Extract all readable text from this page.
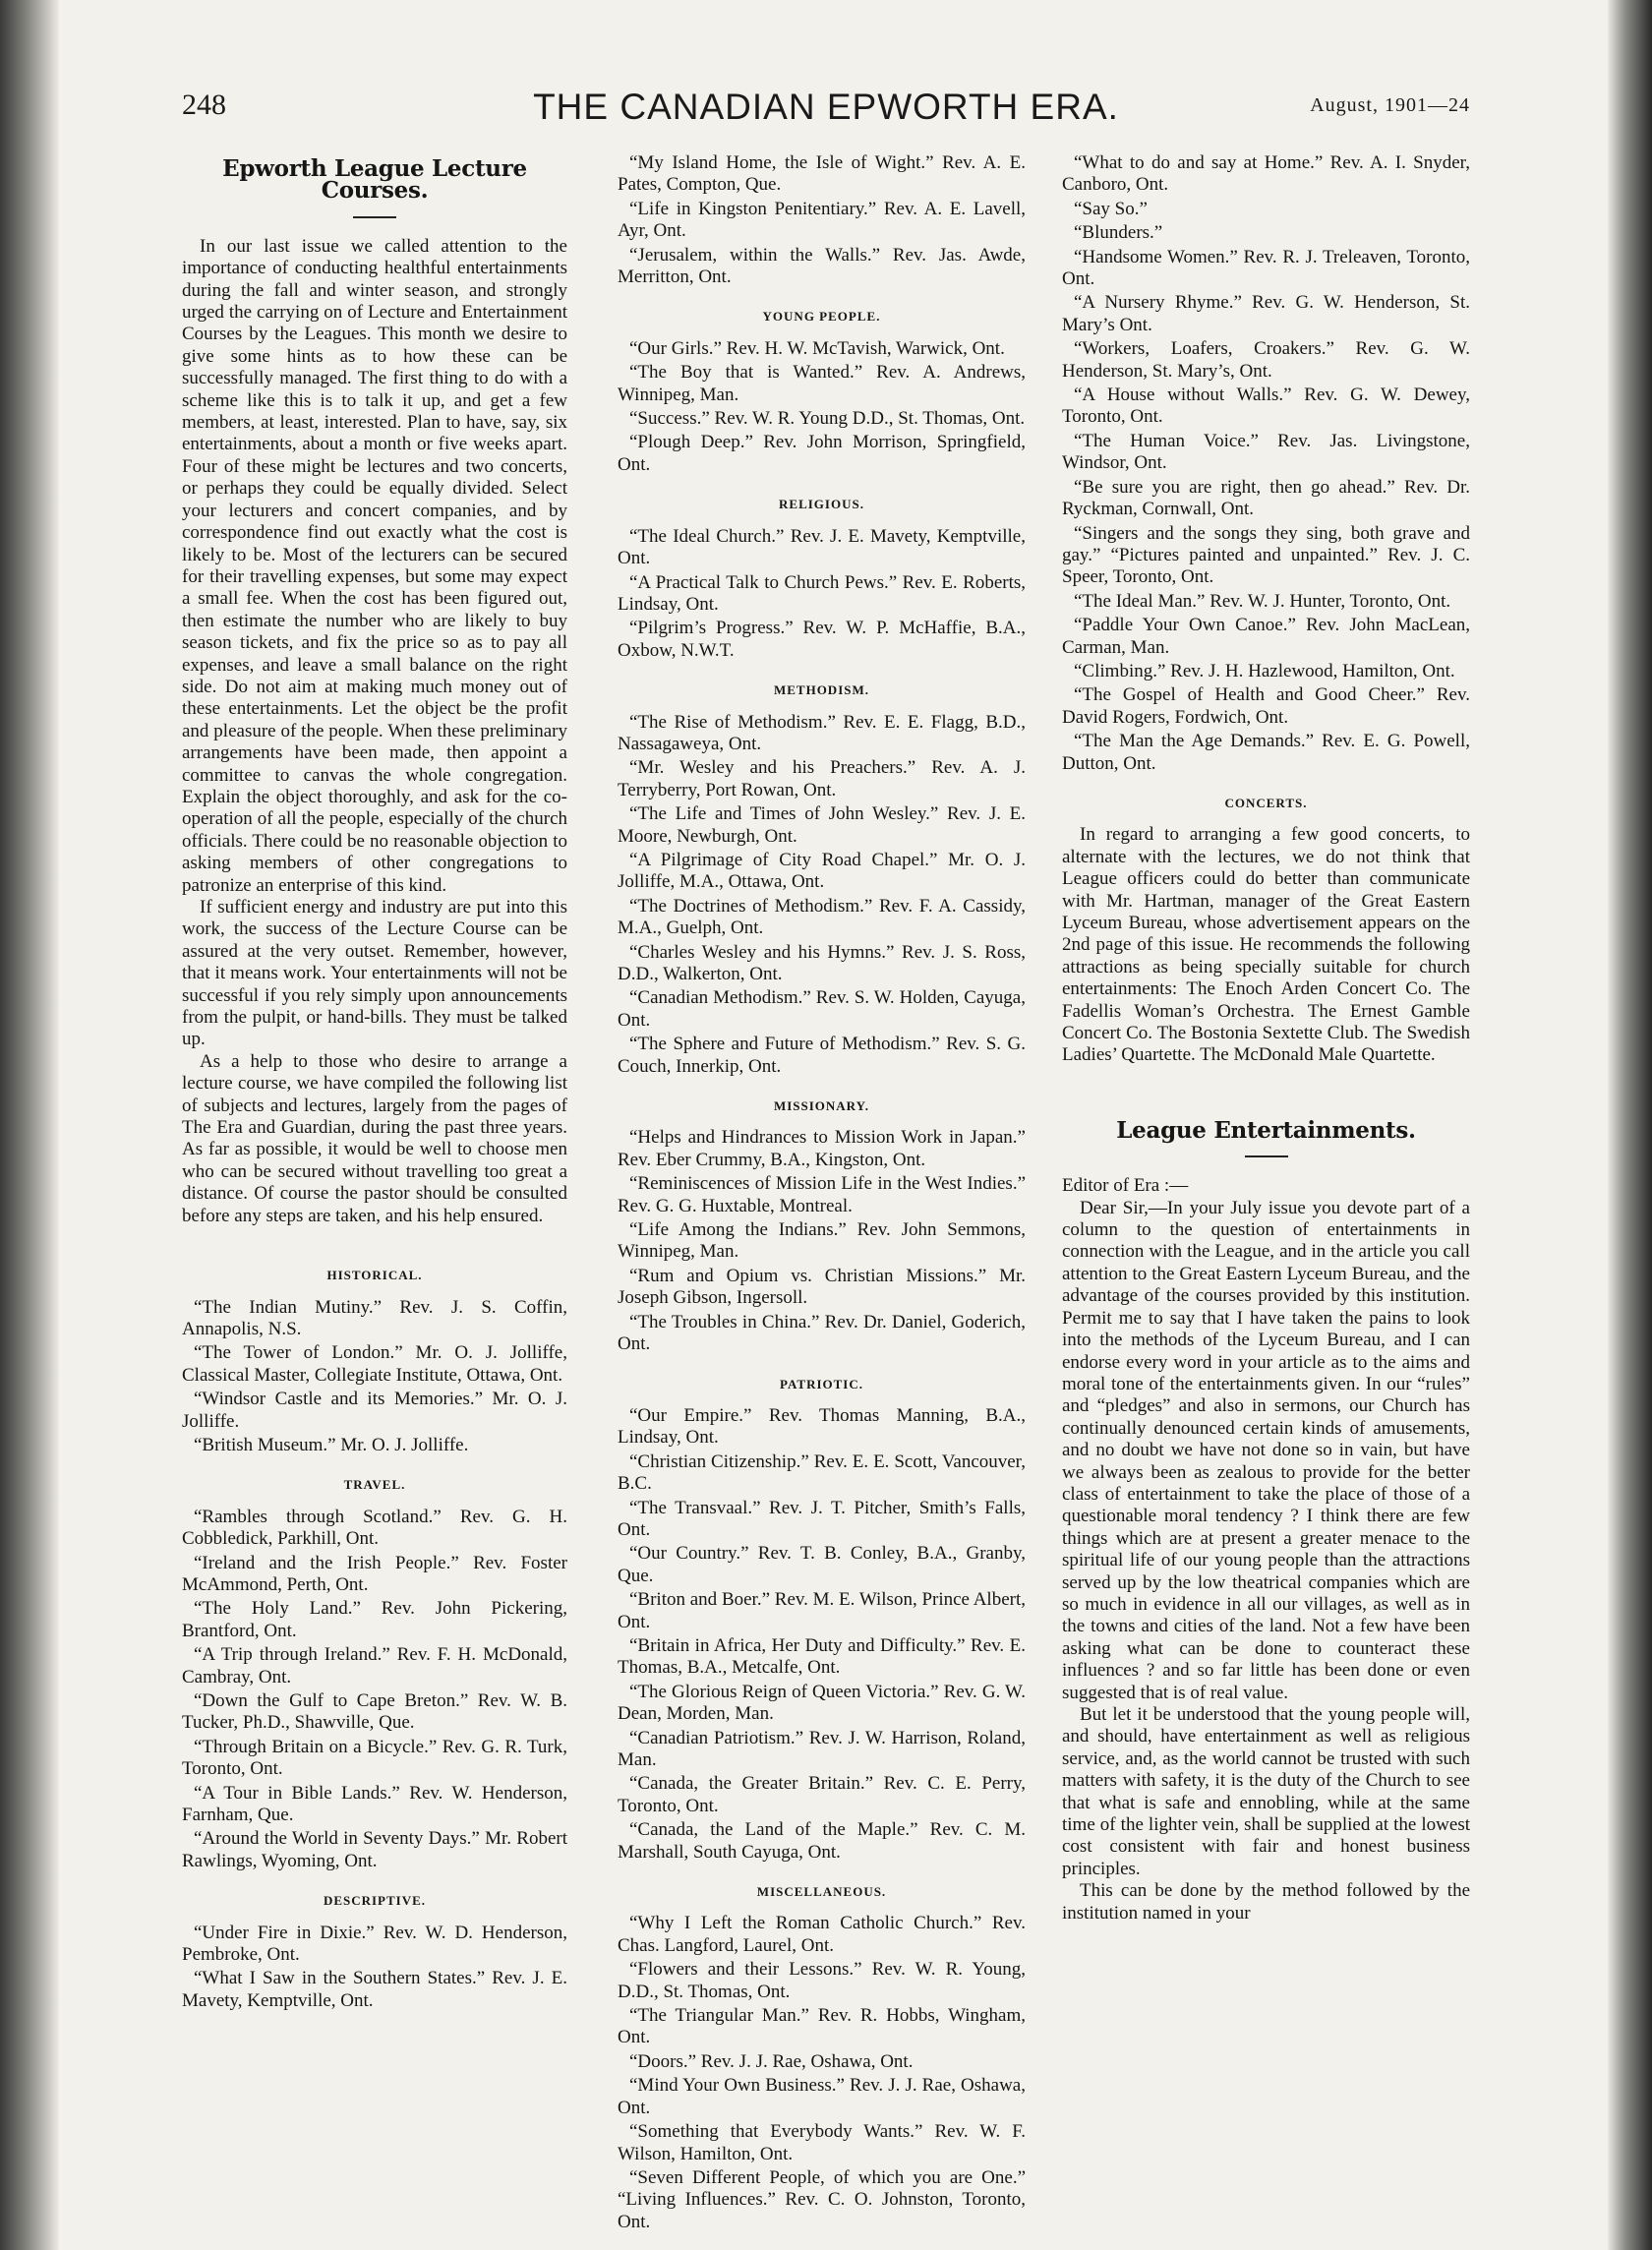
248	THE CANADIAN EPWORTH ERA.	August, 1901—24
Epworth League Lecture Courses.

In our last issue we called attention to the importance of conducting healthful entertainments during the fall and winter season, and strongly urged the carrying on of Lecture and Entertainment Courses by the Leagues. This month we desire to give some hints as to how these can be successfully managed. The first thing to do with a scheme like this is to talk it up, and get a few members, at least, interested. Plan to have, say, six entertainments, about a month or five weeks apart. Four of these might be lectures and two concerts, or perhaps they could be equally divided. Select your lecturers and concert companies, and by correspondence find out exactly what the cost is likely to be. Most of the lecturers can be secured for their travelling expenses, but some may expect a small fee. When the cost has been figured out, then estimate the number who are likely to buy season tickets, and fix the price so as to pay all expenses, and leave a small balance on the right side. Do not aim at making much money out of these entertainments. Let the object be the profit and pleasure of the people. When these preliminary arrangements have been made, then appoint a committee to canvas the whole congregation. Explain the object thoroughly, and ask for the co-operation of all the people, especially of the church officials. There could be no reasonable objection to asking members of other congregations to patronize an enterprise of this kind.

If sufficient energy and industry are put into this work, the success of the Lecture Course can be assured at the very outset. Remember, however, that it means work. Your entertainments will not be successful if you rely simply upon announcements from the pulpit, or hand-bills. They must be talked up.

As a help to those who desire to arrange a lecture course, we have compiled the following list of subjects and lectures, largely from the pages of The Era and Guardian, during the past three years. As far as possible, it would be well to choose men who can be secured without travelling too great a distance. Of course the pastor should be consulted before any steps are taken, and his help ensured.

HISTORICAL.

“The Indian Mutiny.” Rev. J. S. Coffin, Annapolis, N.S.

“The Tower of London.” Mr. O. J. Jolliffe, Classical Master, Collegiate Institute, Ottawa, Ont.

“Windsor Castle and its Memories.” Mr. O. J. Jolliffe.

“British Museum.” Mr. O. J. Jolliffe.

TRAVEL.

“Rambles through Scotland.” Rev. G. H. Cobbledick, Parkhill, Ont.

“Ireland and the Irish People.” Rev. Foster McAmmond, Perth, Ont.

“The Holy Land.” Rev. John Pickering, Brantford, Ont.

“A Trip through Ireland.” Rev. F. H. McDonald, Cambray, Ont.

“Down the Gulf to Cape Breton.” Rev. W. B. Tucker, Ph.D., Shawville, Que.

“Through Britain on a Bicycle.” Rev. G. R. Turk, Toronto, Ont.

“A Tour in Bible Lands.” Rev. W. Henderson, Farnham, Que.

“Around the World in Seventy Days.” Mr. Robert Rawlings, Wyoming, Ont.

DESCRIPTIVE.

“Under Fire in Dixie.” Rev. W. D. Henderson, Pembroke, Ont.

“What I Saw in the Southern States.” Rev. J. E. Mavety, Kemptville, Ont.

“My Island Home, the Isle of Wight.” Rev. A. E. Pates, Compton, Que.

“Life in Kingston Penitentiary.” Rev. A. E. Lavell, Ayr, Ont.

“Jerusalem, within the Walls.” Rev. Jas. Awde, Merritton, Ont.

YOUNG PEOPLE.

“Our Girls.” Rev. H. W. McTavish, Warwick, Ont.

“The Boy that is Wanted.” Rev. A. Andrews, Winnipeg, Man.

“Success.” Rev. W. R. Young D.D., St. Thomas, Ont.

“Plough Deep.” Rev. John Morrison, Springfield, Ont.

RELIGIOUS.

“The Ideal Church.” Rev. J. E. Mavety, Kemptville, Ont.

“A Practical Talk to Church Pews.” Rev. E. Roberts, Lindsay, Ont.

“Pilgrim’s Progress.” Rev. W. P. McHaffie, B.A., Oxbow, N.W.T.

METHODISM.

“The Rise of Methodism.” Rev. E. E. Flagg, B.D., Nassagaweya, Ont.

“Mr. Wesley and his Preachers.” Rev. A. J. Terryberry, Port Rowan, Ont.

“The Life and Times of John Wesley.” Rev. J. E. Moore, Newburgh, Ont.

“A Pilgrimage of City Road Chapel.” Mr. O. J. Jolliffe, M.A., Ottawa, Ont.

“The Doctrines of Methodism.” Rev. F. A. Cassidy, M.A., Guelph, Ont.

“Charles Wesley and his Hymns.” Rev. J. S. Ross, D.D., Walkerton, Ont.

“Canadian Methodism.” Rev. S. W. Holden, Cayuga, Ont.

“The Sphere and Future of Methodism.” Rev. S. G. Couch, Innerkip, Ont.

MISSIONARY.

“Helps and Hindrances to Mission Work in Japan.” Rev. Eber Crummy, B.A., Kingston, Ont.

“Reminiscences of Mission Life in the West Indies.” Rev. G. G. Huxtable, Montreal.

“Life Among the Indians.” Rev. John Semmons, Winnipeg, Man.

“Rum and Opium vs. Christian Missions.” Mr. Joseph Gibson, Ingersoll.

“The Troubles in China.” Rev. Dr. Daniel, Goderich, Ont.

PATRIOTIC.

“Our Empire.” Rev. Thomas Manning, B.A., Lindsay, Ont.

“Christian Citizenship.” Rev. E. E. Scott, Vancouver, B.C.

“The Transvaal.” Rev. J. T. Pitcher, Smith’s Falls, Ont.

“Our Country.” Rev. T. B. Conley, B.A., Granby, Que.

“Briton and Boer.” Rev. M. E. Wilson, Prince Albert, Ont.

“Britain in Africa, Her Duty and Difficulty.” Rev. E. Thomas, B.A., Metcalfe, Ont.

“The Glorious Reign of Queen Victoria.” Rev. G. W. Dean, Morden, Man.

“Canadian Patriotism.” Rev. J. W. Harrison, Roland, Man.

“Canada, the Greater Britain.” Rev. C. E. Perry, Toronto, Ont.

“Canada, the Land of the Maple.” Rev. C. M. Marshall, South Cayuga, Ont.

MISCELLANEOUS.

“Why I Left the Roman Catholic Church.” Rev. Chas. Langford, Laurel, Ont.

“Flowers and their Lessons.” Rev. W. R. Young, D.D., St. Thomas, Ont.

“The Triangular Man.” Rev. R. Hobbs, Wingham, Ont.

“Doors.” Rev. J. J. Rae, Oshawa, Ont.

“Mind Your Own Business.” Rev. J. J. Rae, Oshawa, Ont.

“Something that Everybody Wants.” Rev. W. F. Wilson, Hamilton, Ont.

“Seven Different People, of which you are One.” “Living Influences.” Rev. C. O. Johnston, Toronto, Ont.

“What to do and say at Home.” Rev. A. I. Snyder, Canboro, Ont.

“Say So.”

“Blunders.”

“Handsome Women.” Rev. R. J. Treleaven, Toronto, Ont.

“A Nursery Rhyme.” Rev. G. W. Henderson, St. Mary’s Ont.

“Workers, Loafers, Croakers.” Rev. G. W. Henderson, St. Mary’s, Ont.

“A House without Walls.” Rev. G. W. Dewey, Toronto, Ont.

“The Human Voice.” Rev. Jas. Livingstone, Windsor, Ont.

“Be sure you are right, then go ahead.” Rev. Dr. Ryckman, Cornwall, Ont.

“Singers and the songs they sing, both grave and gay.” “Pictures painted and unpainted.” Rev. J. C. Speer, Toronto, Ont.

“The Ideal Man.” Rev. W. J. Hunter, Toronto, Ont.

“Paddle Your Own Canoe.” Rev. John MacLean, Carman, Man.

“Climbing.” Rev. J. H. Hazlewood, Hamilton, Ont.

“The Gospel of Health and Good Cheer.” Rev. David Rogers, Fordwich, Ont.

“The Man the Age Demands.” Rev. E. G. Powell, Dutton, Ont.

CONCERTS.

In regard to arranging a few good concerts, to alternate with the lectures, we do not think that League officers could do better than communicate with Mr. Hartman, manager of the Great Eastern Lyceum Bureau, whose advertisement appears on the 2nd page of this issue. He recommends the following attractions as being specially suitable for church entertainments: The Enoch Arden Concert Co. The Fadellis Woman’s Orchestra. The Ernest Gamble Concert Co. The Bostonia Sextette Club. The Swedish Ladies’ Quartette. The McDonald Male Quartette.

League Entertainments.

Editor of Era :—

Dear Sir,—In your July issue you devote part of a column to the question of entertainments in connection with the League, and in the article you call attention to the Great Eastern Lyceum Bureau, and the advantage of the courses provided by this institution. Permit me to say that I have taken the pains to look into the methods of the Lyceum Bureau, and I can endorse every word in your article as to the aims and moral tone of the entertainments given. In our “rules” and “pledges” and also in sermons, our Church has continually denounced certain kinds of amusements, and no doubt we have not done so in vain, but have we always been as zealous to provide for the better class of entertainment to take the place of those of a questionable moral tendency ? I think there are few things which are at present a greater menace to the spiritual life of our young people than the attractions served up by the low theatrical companies which are so much in evidence in all our villages, as well as in the towns and cities of the land. Not a few have been asking what can be done to counteract these influences ? and so far little has been done or even suggested that is of real value.

But let it be understood that the young people will, and should, have entertainment as well as religious service, and, as the world cannot be trusted with such matters with safety, it is the duty of the Church to see that what is safe and ennobling, while at the same time of the lighter vein, shall be supplied at the lowest cost consistent with fair and honest business principles.

This can be done by the method followed by the institution named in your
